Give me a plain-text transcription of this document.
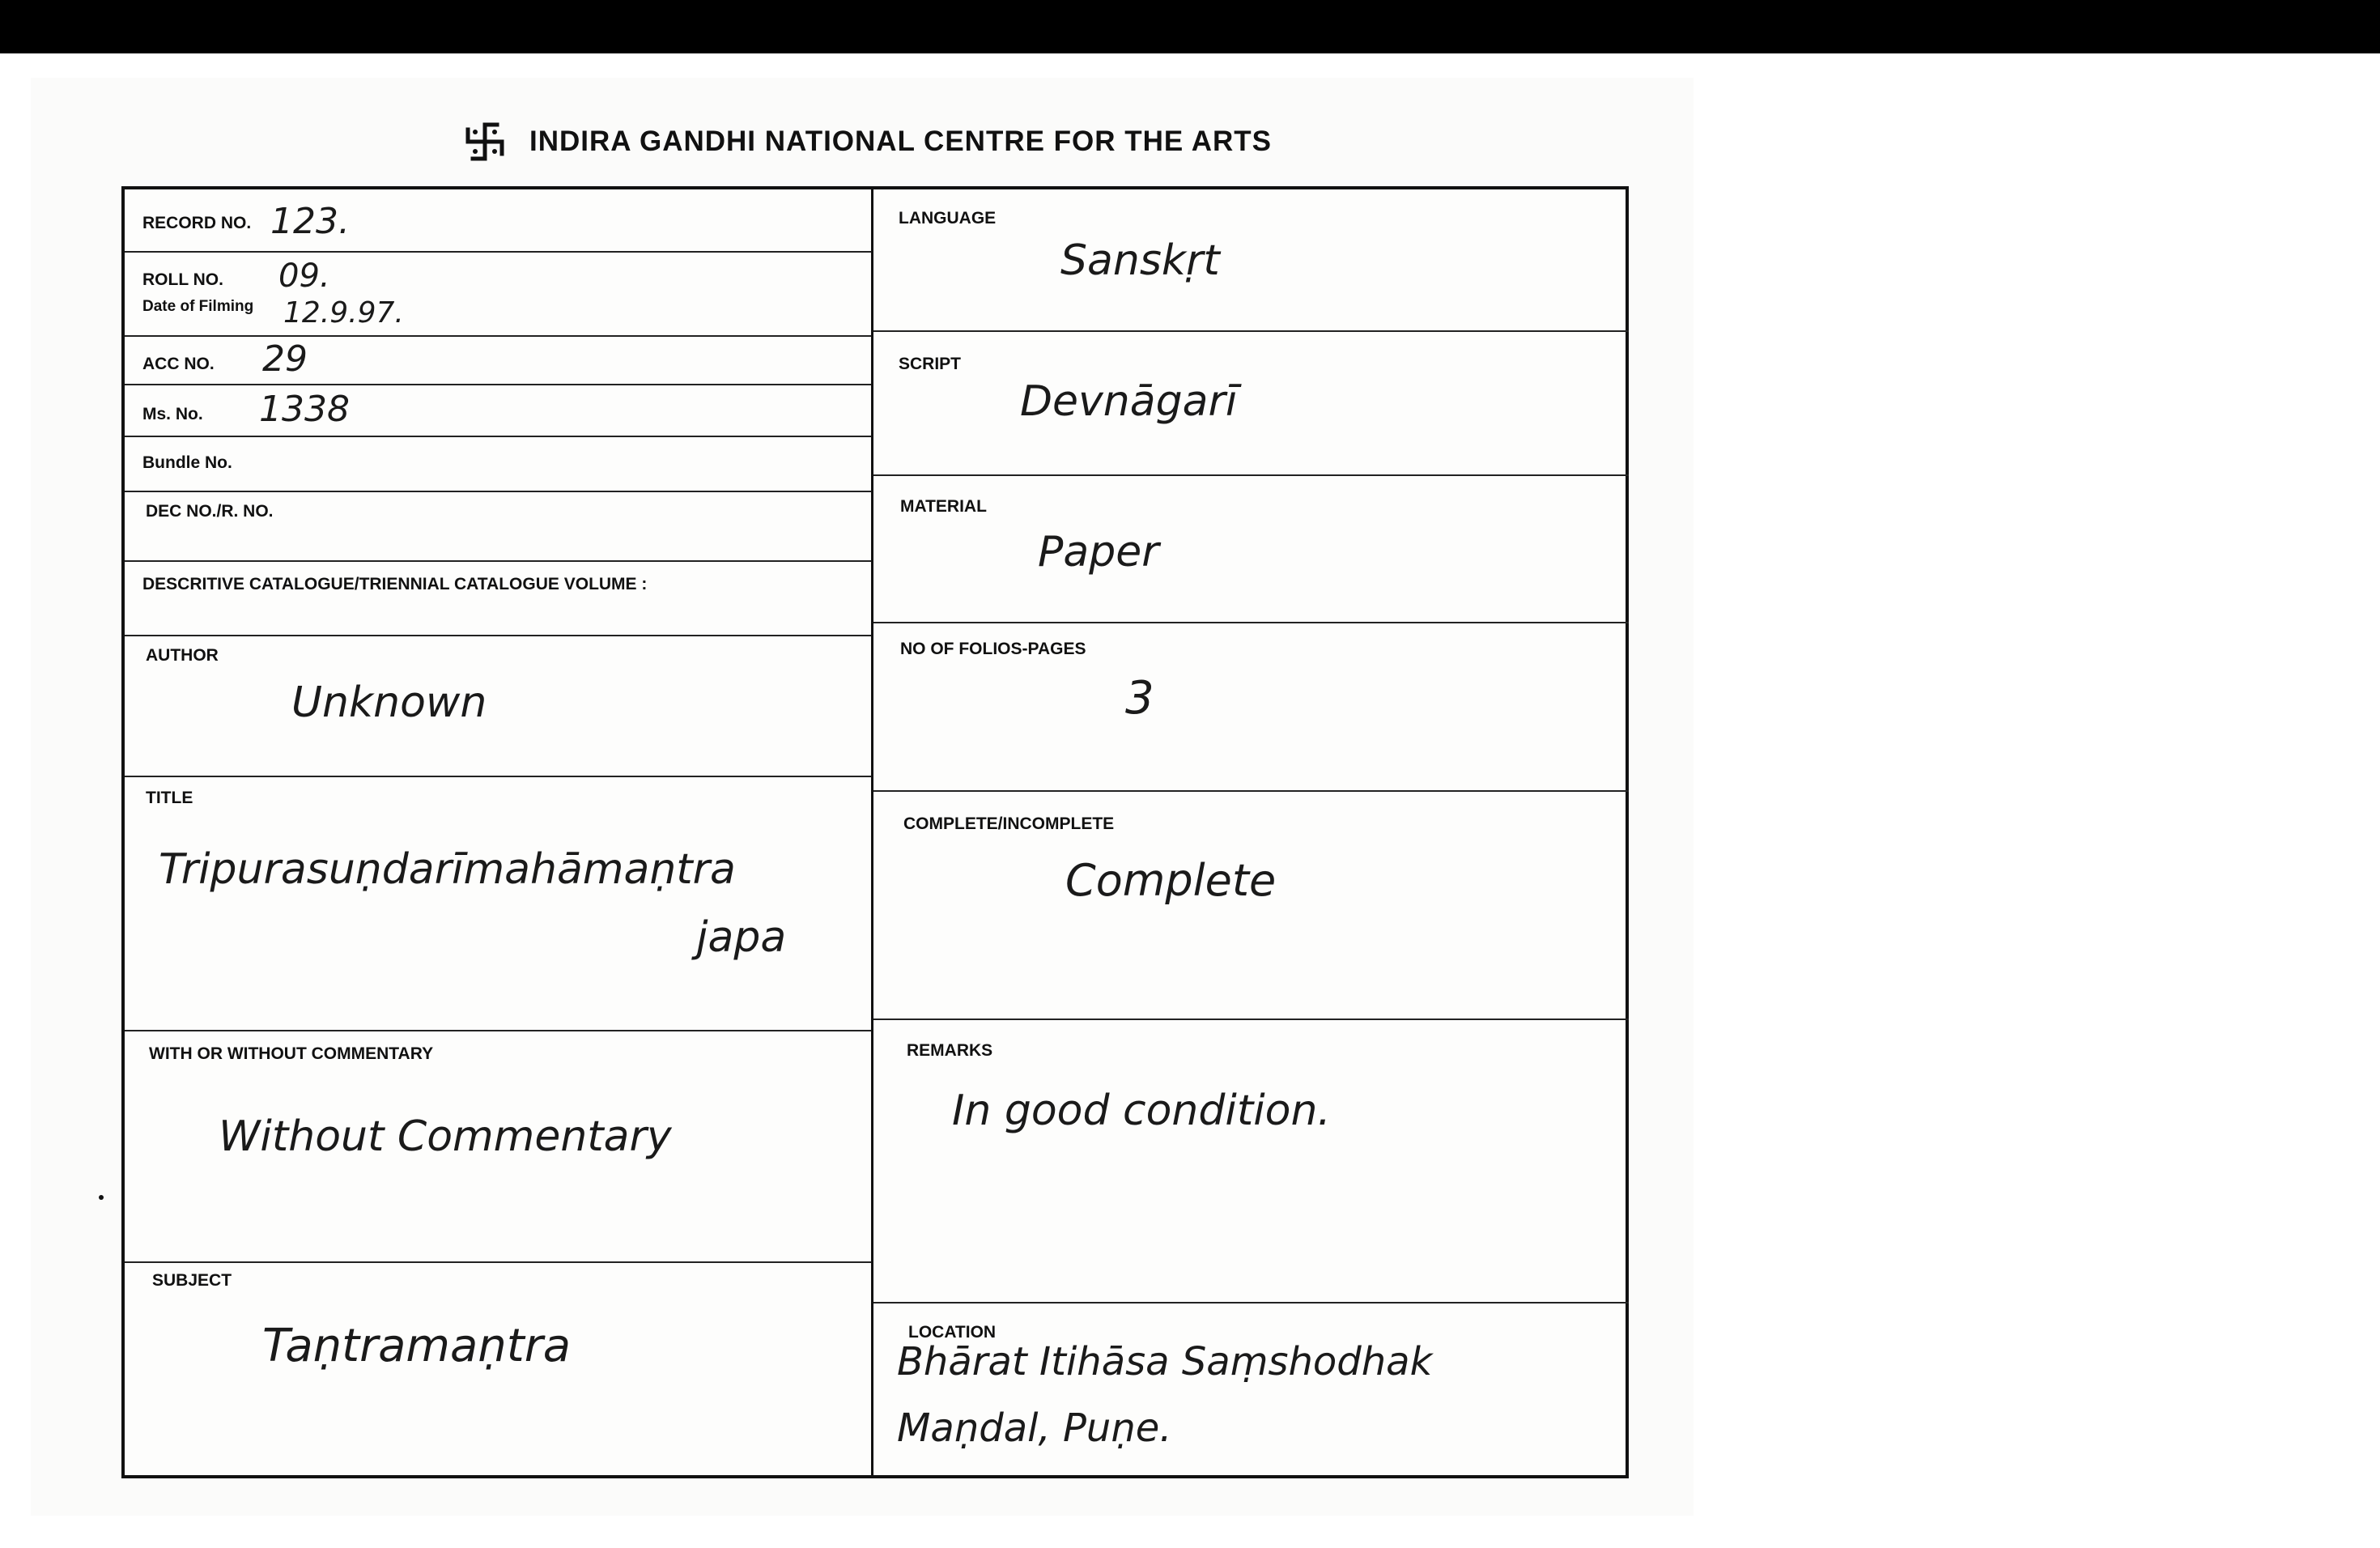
INDIRA GANDHI NATIONAL CENTRE FOR THE ARTS
RECORD NO. 123.
ROLL NO. 09.
Date of Filming 12.9.97.
ACC NO. 29
Ms. No. 1338
Bundle No.
DEC NO./R. NO.
DESCRITIVE CATALOGUE/TRIENNIAL CATALOGUE VOLUME :
AUTHOR
Unknown
TITLE
Tripurasuṇdarīmahāmaṇtra
japa
WITH OR WITHOUT COMMENTARY
Without Commentary
SUBJECT
Taṇtramaṇtra
LANGUAGE
Sanskṛt
SCRIPT
Devnāgarī
MATERIAL
Paper
NO OF FOLIOS-PAGES
3
COMPLETE/INCOMPLETE
Complete
REMARKS
In good condition.
LOCATION
Bhārat Itihāsa Saṃshodhak
Maṇdal, Puṇe.
